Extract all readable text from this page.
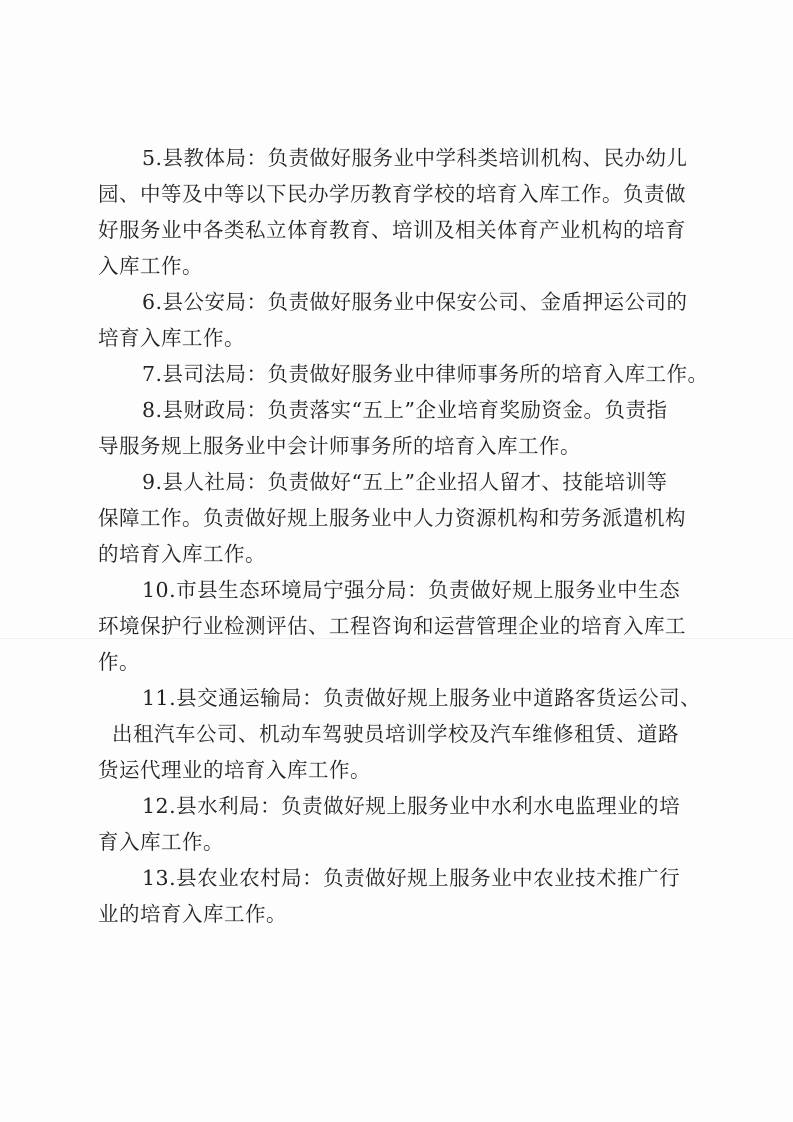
5.县教体局：负责做好服务业中学科类培训机构、民办幼儿
园、中等及中等以下民办学历教育学校的培育入库工作。负责做
好服务业中各类私立体育教育、培训及相关体育产业机构的培育
入库工作。
6.县公安局：负责做好服务业中保安公司、金盾押运公司的
培育入库工作。
7.县司法局：负责做好服务业中律师事务所的培育入库工作。
8.县财政局：负责落实“五上”企业培育奖励资金。负责指
导服务规上服务业中会计师事务所的培育入库工作。
9.县人社局：负责做好“五上”企业招人留才、技能培训等
保障工作。负责做好规上服务业中人力资源机构和劳务派遣机构
的培育入库工作。
10.市县生态环境局宁强分局：负责做好规上服务业中生态
环境保护行业检测评估、工程咨询和运营管理企业的培育入库工
作。
11.县交通运输局：负责做好规上服务业中道路客货运公司、
出租汽车公司、机动车驾驶员培训学校及汽车维修租赁、道路
货运代理业的培育入库工作。
12.县水利局：负责做好规上服务业中水利水电监理业的培
育入库工作。
13.县农业农村局：负责做好规上服务业中农业技术推广行
业的培育入库工作。
